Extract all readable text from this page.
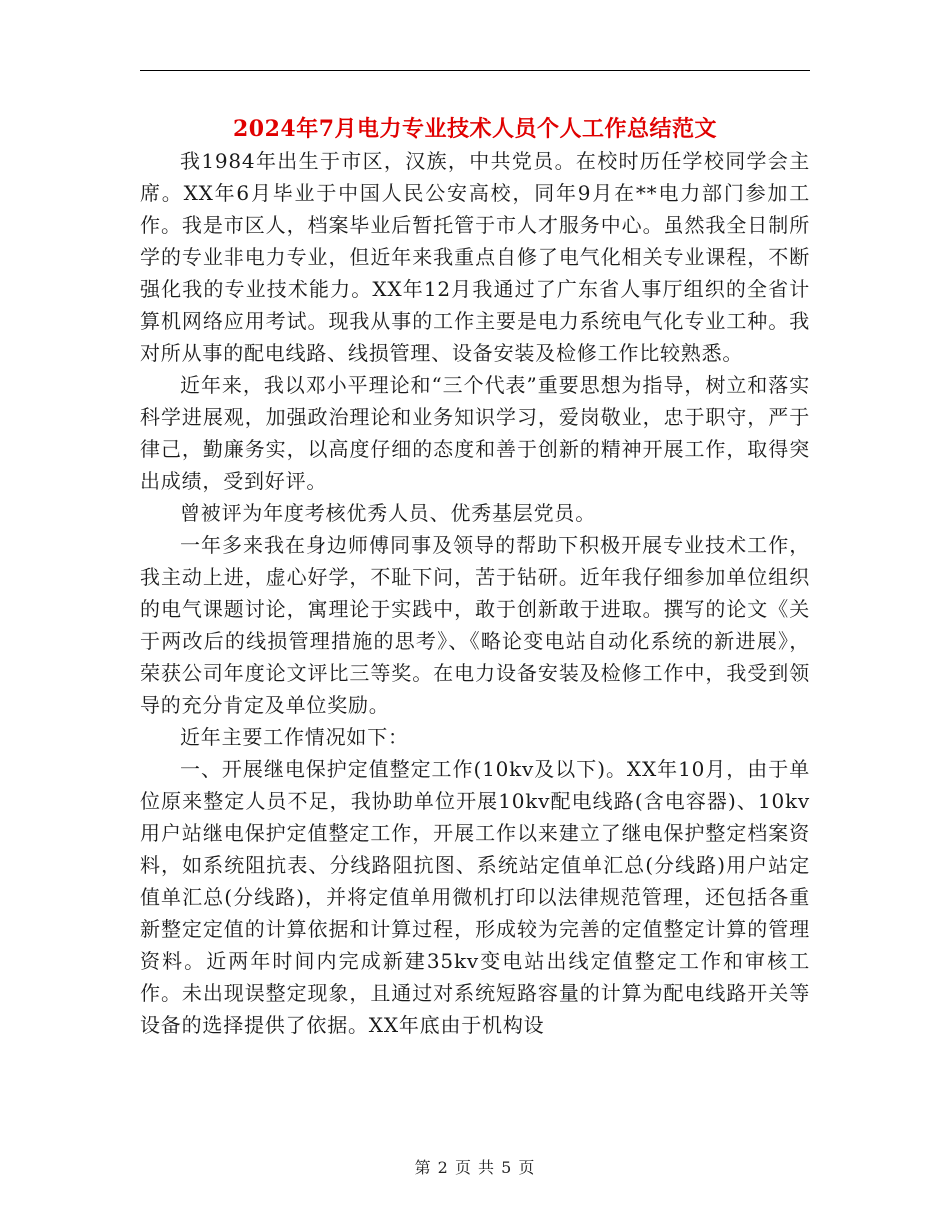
2024年7月电力专业技术人员个人工作总结范文

我1984年出生于市区，汉族，中共党员。在校时历任学校同学会主席。XX年6月毕业于中国人民公安高校，同年9月在**电力部门参加工作。我是市区人，档案毕业后暂托管于市人才服务中心。虽然我全日制所学的专业非电力专业，但近年来我重点自修了电气化相关专业课程，不断强化我的专业技术能力。XX年12月我通过了广东省人事厅组织的全省计算机网络应用考试。现我从事的工作主要是电力系统电气化专业工种。我对所从事的配电线路、线损管理、设备安装及检修工作比较熟悉。

近年来，我以邓小平理论和“三个代表”重要思想为指导，树立和落实科学进展观，加强政治理论和业务知识学习，爱岗敬业，忠于职守，严于律己，勤廉务实，以高度仔细的态度和善于创新的精神开展工作，取得突出成绩，受到好评。

曾被评为年度考核优秀人员、优秀基层党员。

一年多来我在身边师傅同事及领导的帮助下积极开展专业技术工作，我主动上进，虚心好学，不耻下问，苦于钻研。近年我仔细参加单位组织的电气课题讨论，寓理论于实践中，敢于创新敢于进取。撰写的论文《关于两改后的线损管理措施的思考》、《略论变电站自动化系统的新进展》，荣获公司年度论文评比三等奖。在电力设备安装及检修工作中，我受到领导的充分肯定及单位奖励。

近年主要工作情况如下：

一、开展继电保护定值整定工作(10kv及以下)。XX年10月，由于单位原来整定人员不足，我协助单位开展10kv配电线路(含电容器)、10kv用户站继电保护定值整定工作，开展工作以来建立了继电保护整定档案资料，如系统阻抗表、分线路阻抗图、系统站定值单汇总(分线路)用户站定值单汇总(分线路)，并将定值单用微机打印以法律规范管理，还包括各重新整定定值的计算依据和计算过程，形成较为完善的定值整定计算的管理资料。近两年时间内完成新建35kv变电站出线定值整定工作和审核工作。未出现误整定现象，且通过对系统短路容量的计算为配电线路开关等设备的选择提供了依据。XX年底由于机构设

第 2 页 共 5 页
